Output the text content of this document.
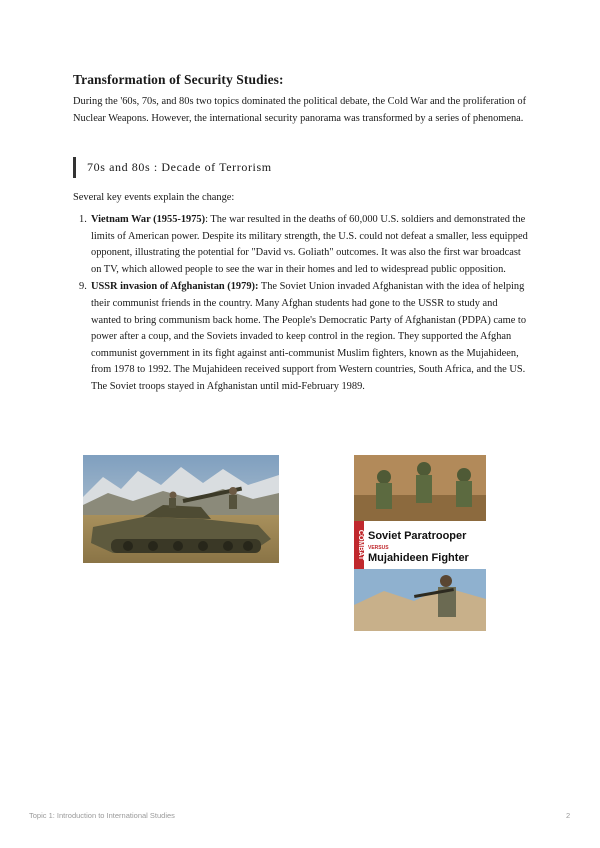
Transformation of Security Studies:

During the '60s, 70s, and 80s two topics dominated the political debate, the Cold War and the proliferation of Nuclear Weapons. However, the international security panorama was transformed by a series of phenomena.

70s and 80s : Decade of Terrorism

Several key events explain the change:

1. Vietnam War (1955-1975): The war resulted in the deaths of 60,000 U.S. soldiers and demonstrated the limits of American power. Despite its military strength, the U.S. could not defeat a smaller, less equipped opponent, illustrating the potential for "David vs. Goliath" outcomes. It was also the first war broadcast on TV, which allowed people to see the war in their homes and led to widespread public opposition.
9. USSR invasion of Afghanistan (1979): The Soviet Union invaded Afghanistan with the idea of helping their communist friends in the country. Many Afghan students had gone to the USSR to study and wanted to bring communism back home. The People's Democratic Party of Afghanistan (PDPA) came to power after a coup, and the Soviets invaded to keep control in the region. They supported the Afghan communist government in its fight against anti-communist Muslim fighters, known as the Mujahideen, from 1978 to 1992. The Mujahideen received support from Western countries, South Africa, and the US. The Soviet troops stayed in Afghanistan until mid-February 1989.
COMBAT Soviet Paratrooper
VERSUS
Mujahideen Fighter
Topic 1: Introduction to International Studies	2
